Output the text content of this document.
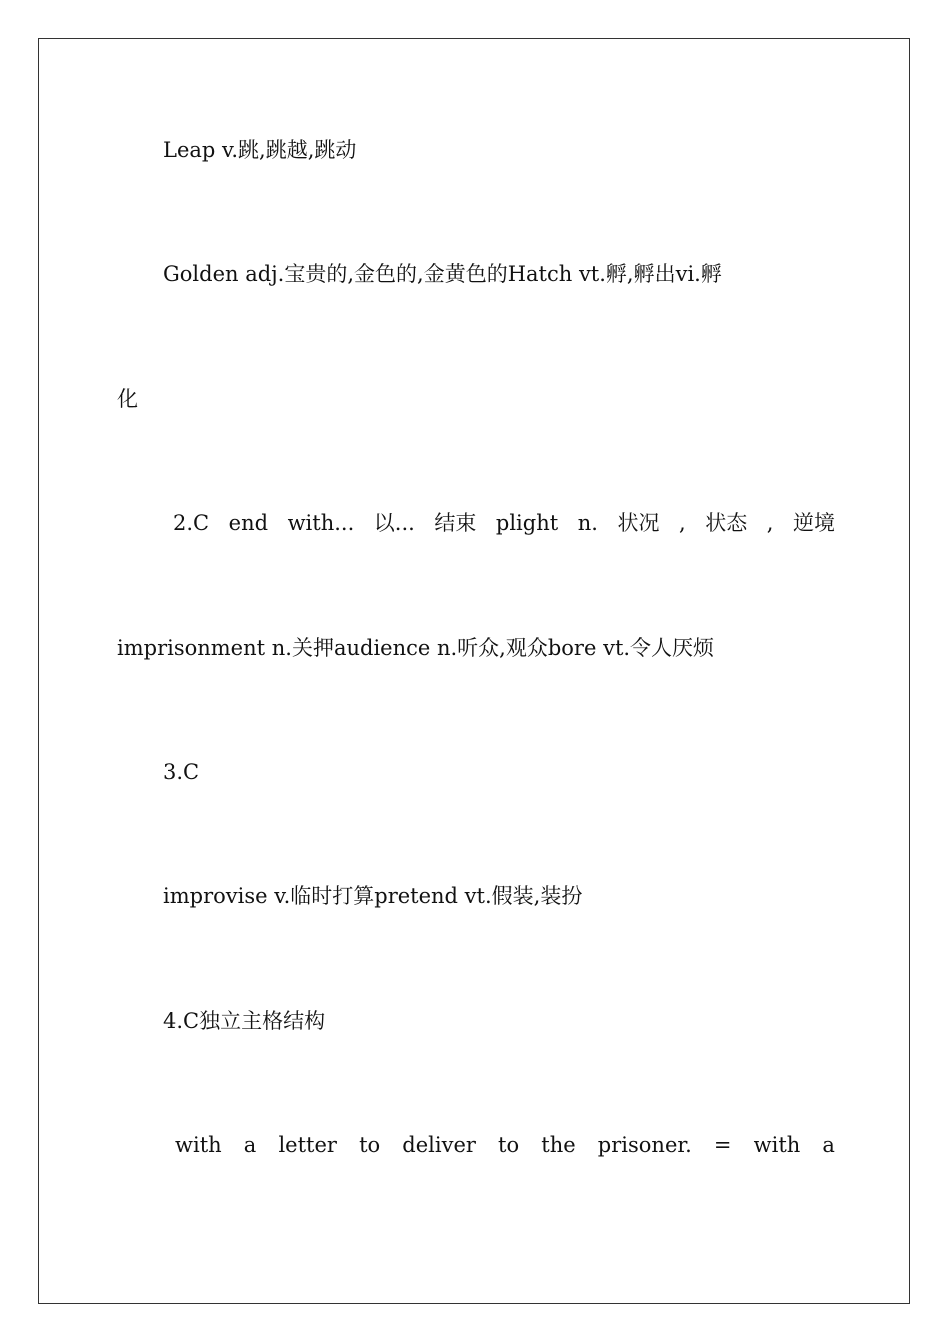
Leap v.跳,跳越,跳动
Golden adj.宝贵的,金色的,金黄色的Hatch vt.孵,孵出vi.孵
化
2.C end with... 以... 结束 plight n. 状况 , 状态 , 逆境
imprisonment n.关押audience n.听众,观众bore vt.令人厌烦
3.C
improvise v.临时打算pretend vt.假装,装扮
4.C独立主格结构
with a letter to deliver to the prisoner. = with a
